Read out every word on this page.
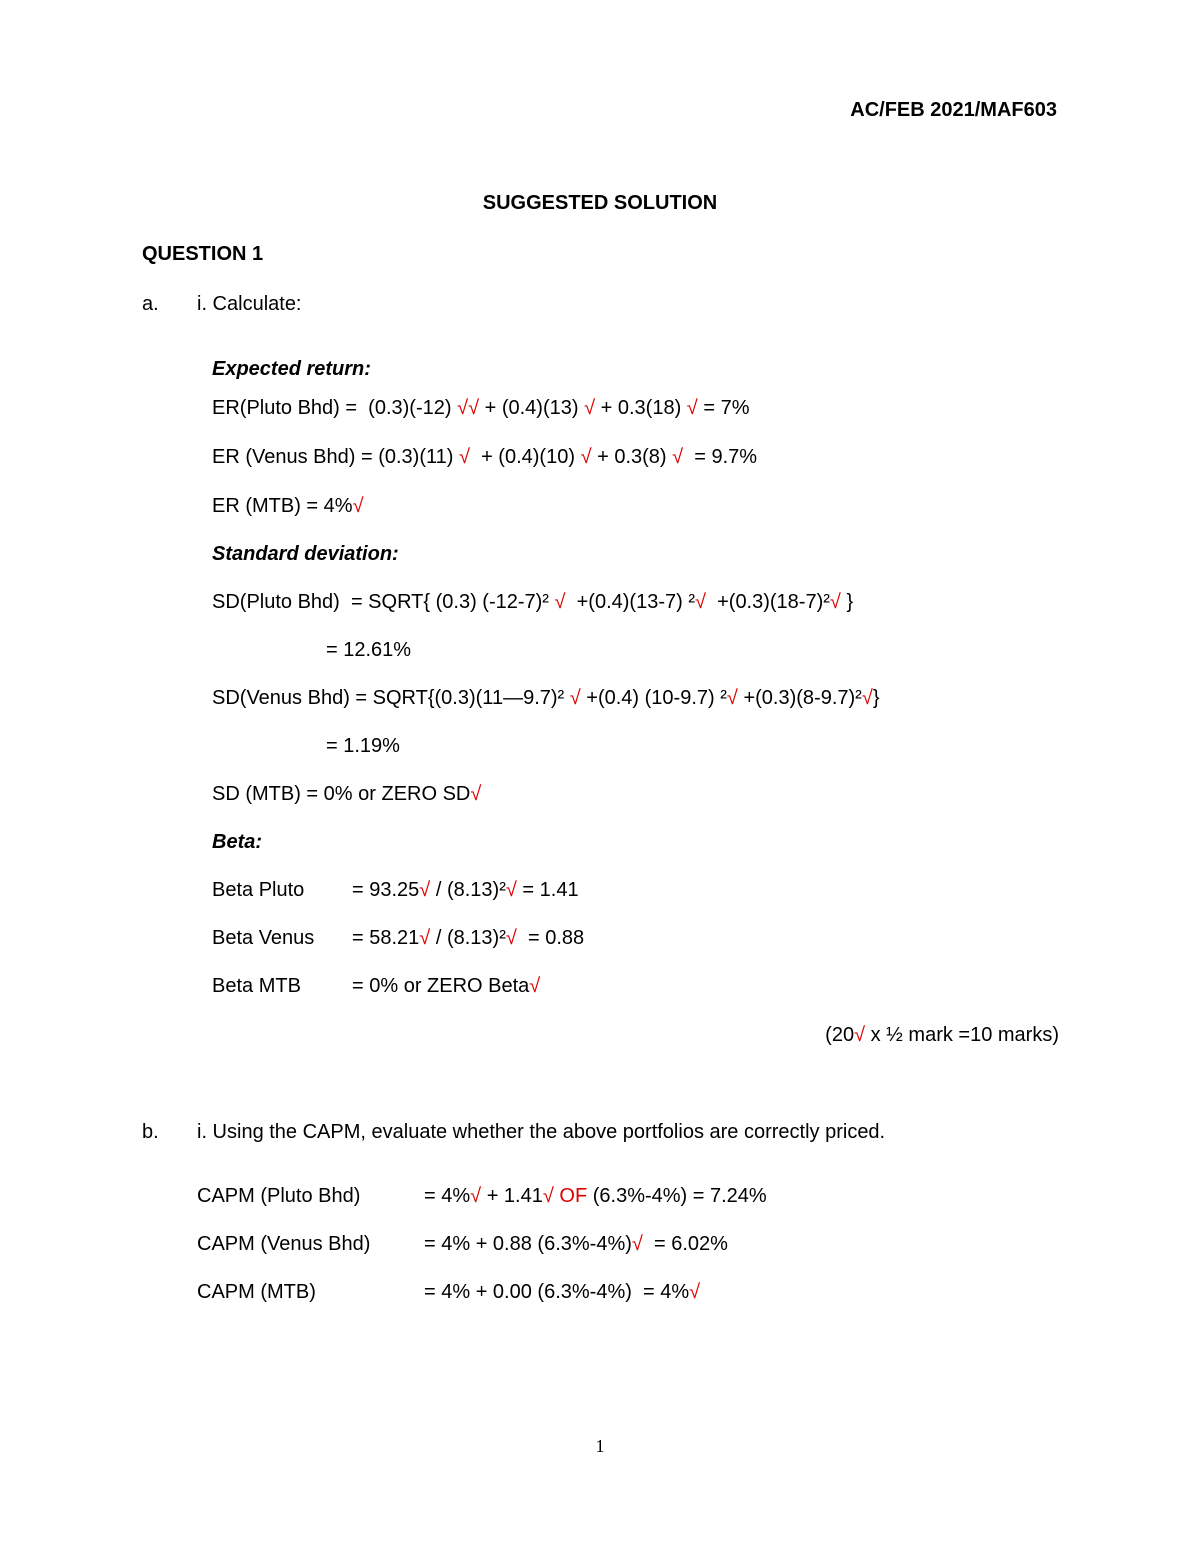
AC/FEB 2021/MAF603
SUGGESTED SOLUTION
QUESTION 1
a. i. Calculate:
Expected return:
ER(Pluto Bhd) =  (0.3)(-12) √√ + (0.4)(13) √ + 0.3(18) √ = 7%
ER (Venus Bhd) = (0.3)(11) √  + (0.4)(10) √ + 0.3(8) √  = 9.7%
ER (MTB) = 4%√
Standard deviation:
SD(Pluto Bhd)  = SQRT{ (0.3) (-12-7)² √  +(0.4)(13-7) ²√  +(0.3)(18-7)²√ }
= 12.61%
SD(Venus Bhd) = SQRT{(0.3)(11—9.7)² √ +(0.4) (10-9.7) ²√ +(0.3)(8-9.7)²√}
= 1.19%
SD (MTB) = 0% or ZERO SD√
Beta:
Beta Pluto = 93.25√ / (8.13)²√ = 1.41
Beta Venus = 58.21√ / (8.13)²√  = 0.88
Beta MTB	= 0% or ZERO Beta√
(20√ x ½ mark =10 marks)
b. i. Using the CAPM, evaluate whether the above portfolios are correctly priced.
CAPM (Pluto Bhd)	= 4%√ + 1.41√ OF (6.3%-4%) = 7.24%
CAPM (Venus Bhd)	= 4% + 0.88 (6.3%-4%)√  = 6.02%
CAPM (MTB)	= 4% + 0.00 (6.3%-4%)  = 4%√
1
